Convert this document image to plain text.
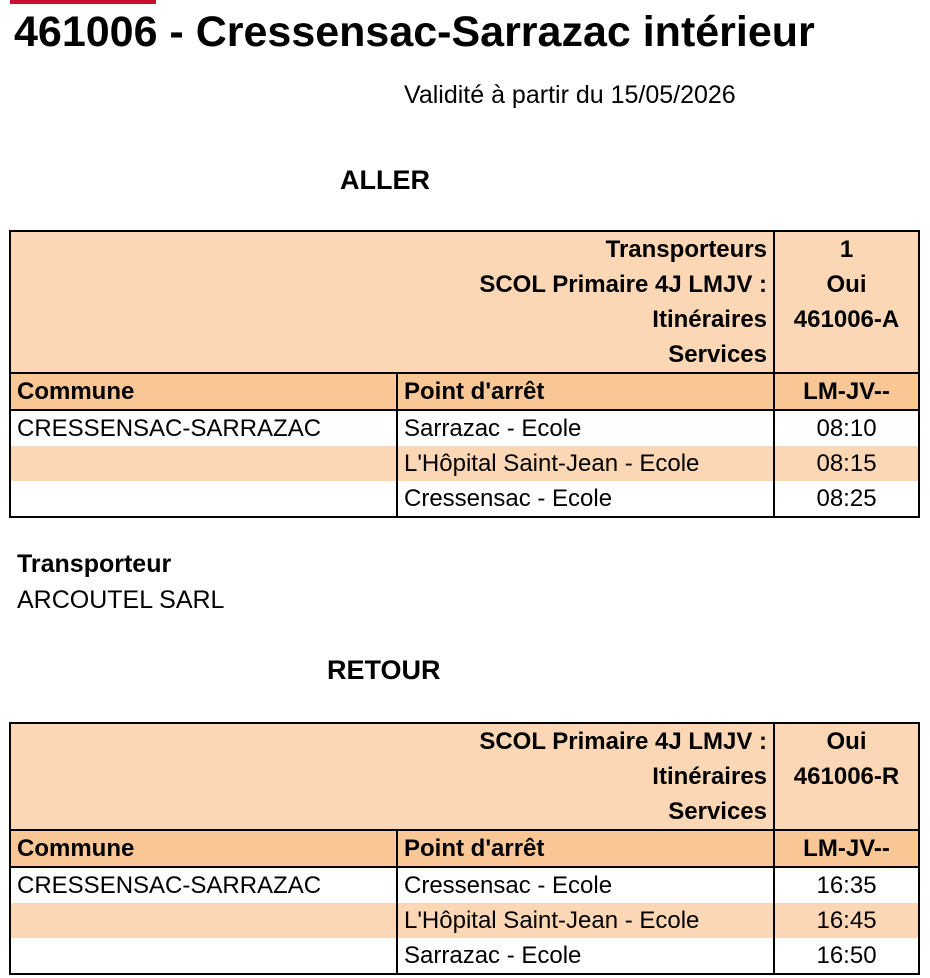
461006 - Cressensac-Sarrazac intérieur
Validité à partir du 15/05/2026
ALLER
Transporteurs		1
SCOL Primaire 4J LMJV :		Oui
Itinéraires		461006-A
Services		
Commune	Point d'arrêt	LM-JV--
CRESSENSAC-SARRAZAC	Sarrazac - Ecole	08:10
	L'Hôpital Saint-Jean - Ecole	08:15
	Cressensac - Ecole	08:25
Transporteur
ARCOUTEL SARL
RETOUR
SCOL Primaire 4J LMJV :		Oui
Itinéraires		461006-R
Services		
Commune	Point d'arrêt	LM-JV--
CRESSENSAC-SARRAZAC	Cressensac - Ecole	16:35
	L'Hôpital Saint-Jean - Ecole	16:45
	Sarrazac - Ecole	16:50
